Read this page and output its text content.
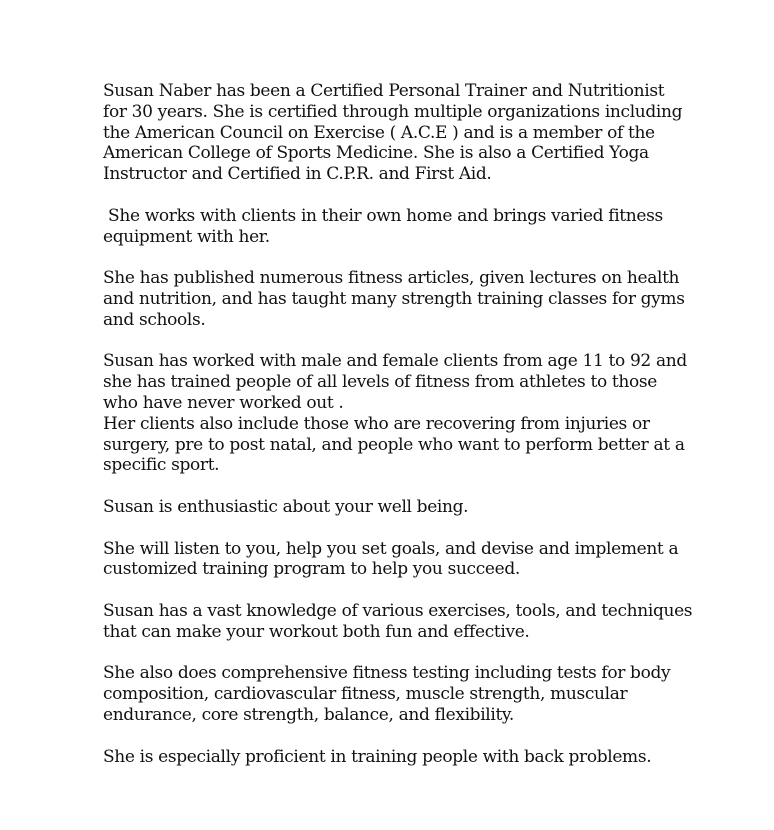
Susan Naber has been a Certified Personal Trainer and Nutritionist
for 30 years. She is certified through multiple organizations including
the American Council on Exercise ( A.C.E ) and is a member of the
American College of Sports Medicine. She is also a Certified Yoga
Instructor and Certified in C.P.R. and First Aid.

She works with clients in their own home and brings varied fitness
equipment with her.

She has published numerous fitness articles, given lectures on health
and nutrition, and has taught many strength training classes for gyms
and schools.

Susan has worked with male and female clients from age 11 to 92 and
she has trained people of all levels of fitness from athletes to those
who have never worked out .

Her clients also include those who are recovering from injuries or
surgery, pre to post natal, and people who want to perform better at a
specific sport.

Susan is enthusiastic about your well being.

She will listen to you, help you set goals, and devise and implement a
customized training program to help you succeed.

Susan has a vast knowledge of various exercises, tools, and techniques
that can make your workout both fun and effective.

She also does comprehensive fitness testing including tests for body
composition, cardiovascular fitness, muscle strength, muscular
endurance, core strength, balance, and flexibility.

She is especially proficient in training people with back problems.
